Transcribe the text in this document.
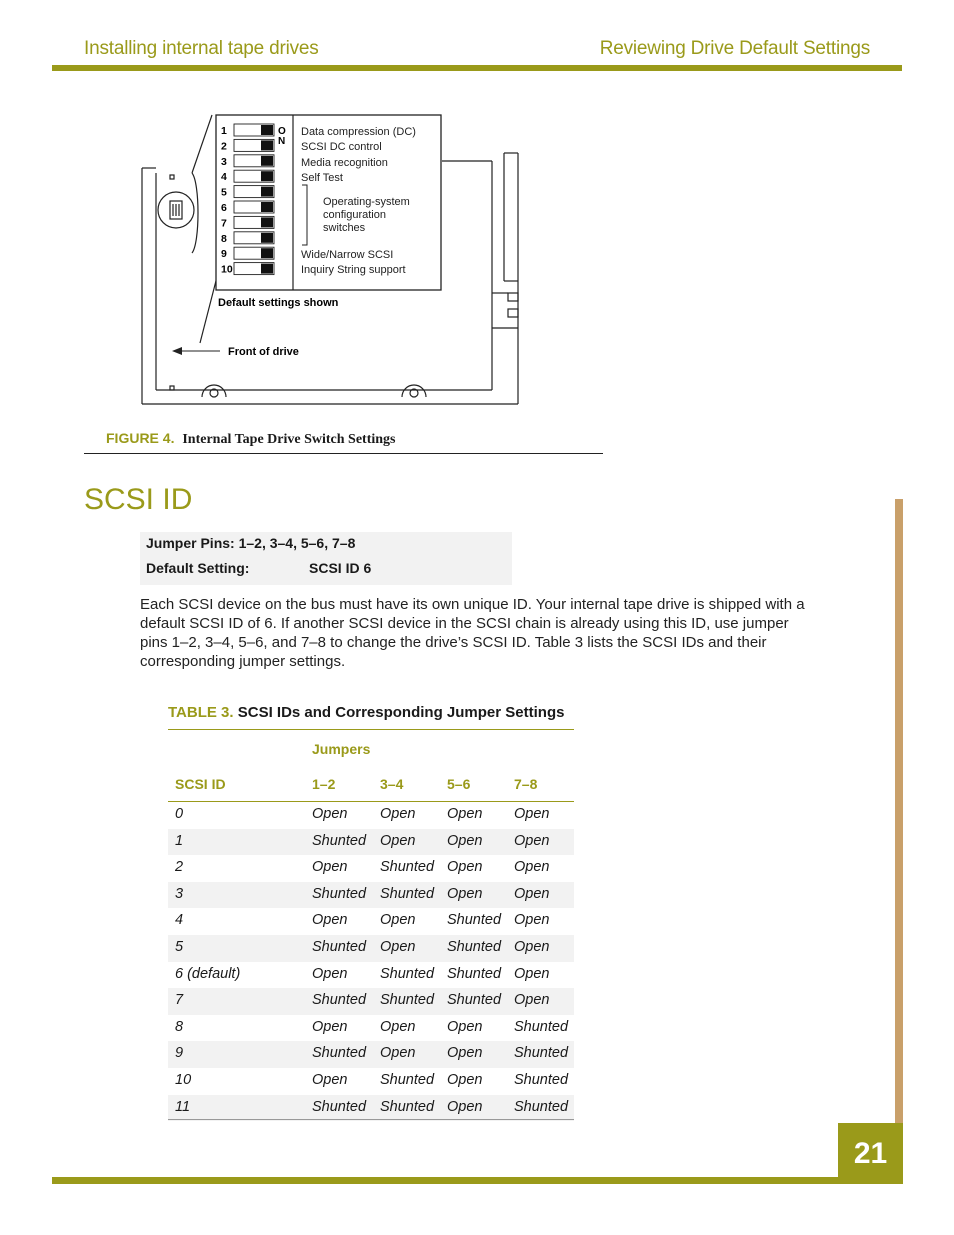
Installing internal tape drives	Reviewing Drive Default Settings
1
2
3
4
5
6
7
8
9
10
O
N
Data compression (DC)
SCSI DC control
Media recognition
Self Test
Operating-system
configuration
switches
Wide/Narrow SCSI
Inquiry String support
Default settings shown
Front of drive
FIGURE 4. Internal Tape Drive Switch Settings
SCSI ID
Jumper Pins: 1–2, 3–4, 5–6, 7–8
Default Setting:	SCSI ID 6
Each SCSI device on the bus must have its own unique ID. Your internal tape drive is shipped with a default SCSI ID of 6. If another SCSI device in the SCSI chain is already using this ID, use jumper pins 1–2, 3–4, 5–6, and 7–8 to change the drive’s SCSI ID. Table 3 lists the SCSI IDs and their corresponding jumper settings.
TABLE 3. SCSI IDs and Corresponding Jumper Settings
Jumpers
SCSI ID	1–2	3–4	5–6	7–8
0	Open Open Open Open
1	Shunted Open Open Open
2	Open Shunted Open Open
3	Shunted Shunted Open Open
4	Open Open Shunted Open
5	Shunted Open Shunted Open
6 (default)	Open Shunted Shunted Open
7	Shunted Shunted Shunted Open
8	Open Open Open Shunted
9	Shunted Open Open Shunted
10	Open Shunted Open Shunted
11	Shunted Shunted Open Shunted
21
